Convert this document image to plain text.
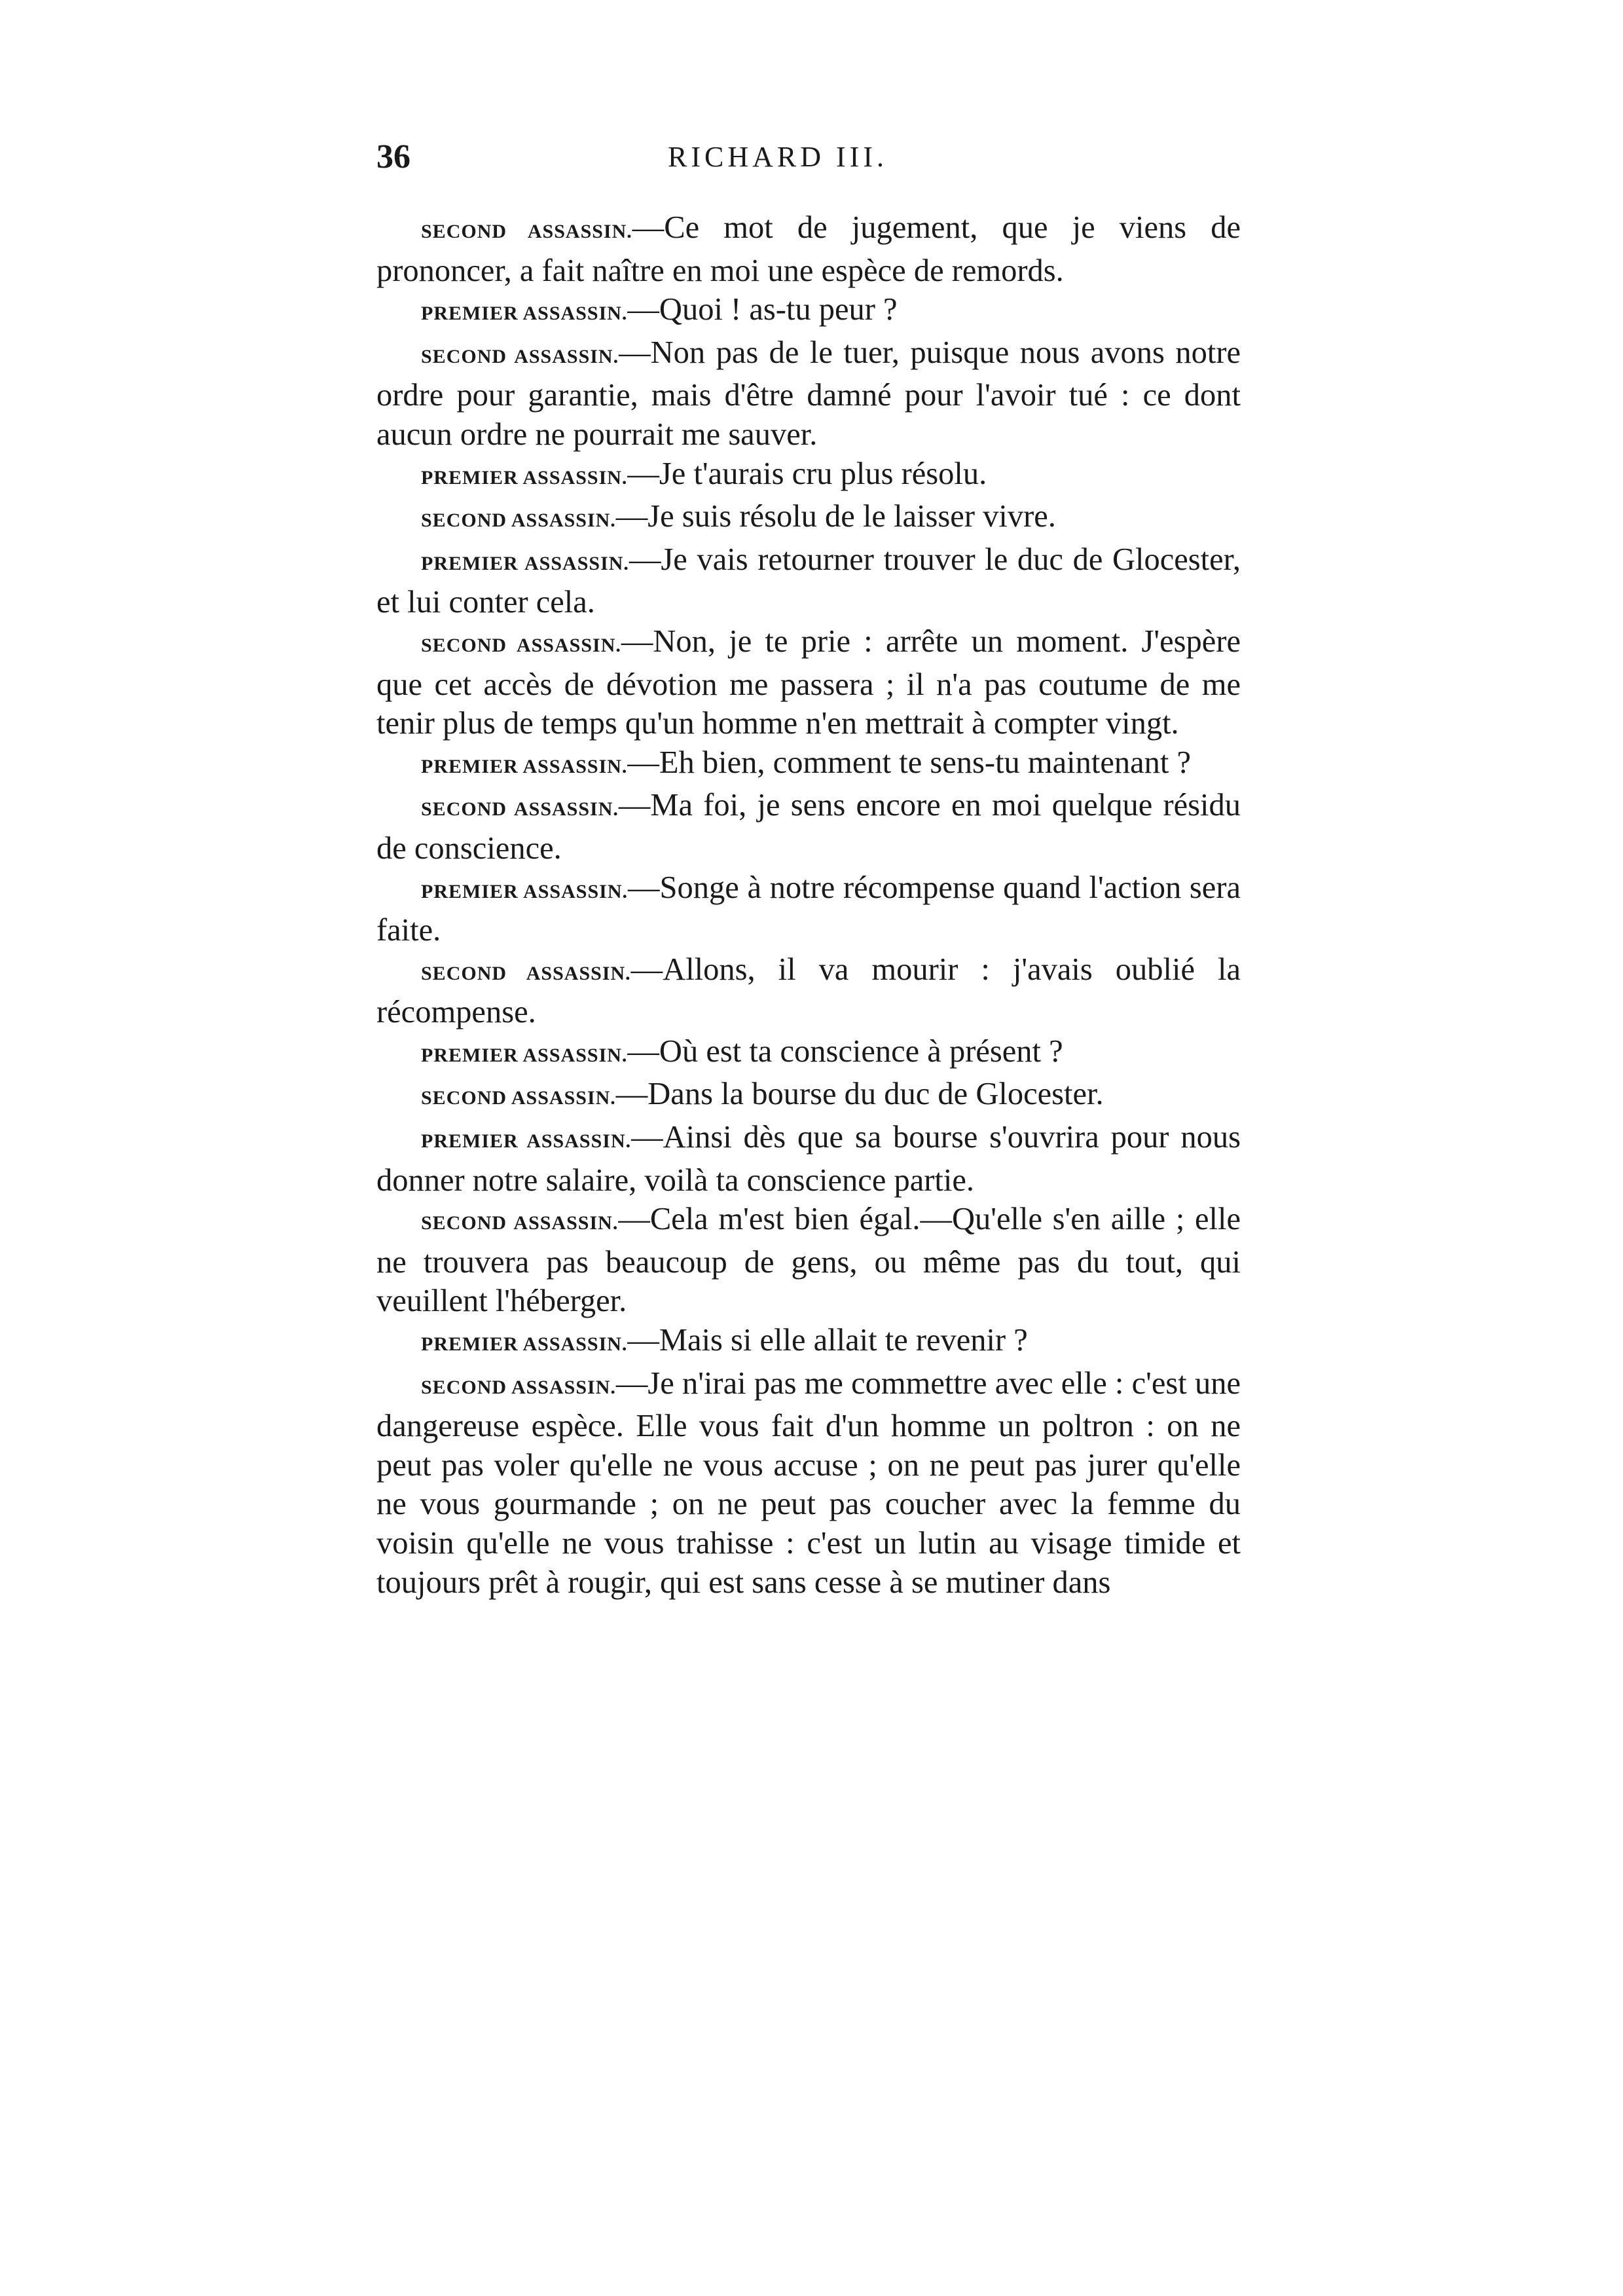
36	RICHARD III.

SECOND ASSASSIN.—Ce mot de jugement, que je viens de prononcer, a fait naître en moi une espèce de remords.

PREMIER ASSASSIN.—Quoi ! as-tu peur ?

SECOND ASSASSIN.—Non pas de le tuer, puisque nous avons notre ordre pour garantie, mais d'être damné pour l'avoir tué : ce dont aucun ordre ne pourrait me sauver.

PREMIER ASSASSIN.—Je t'aurais cru plus résolu.

SECOND ASSASSIN.—Je suis résolu de le laisser vivre.

PREMIER ASSASSIN.—Je vais retourner trouver le duc de Glocester, et lui conter cela.

SECOND ASSASSIN.—Non, je te prie : arrête un moment. J'espère que cet accès de dévotion me passera ; il n'a pas coutume de me tenir plus de temps qu'un homme n'en mettrait à compter vingt.

PREMIER ASSASSIN.—Eh bien, comment te sens-tu maintenant ?

SECOND ASSASSIN.—Ma foi, je sens encore en moi quelque résidu de conscience.

PREMIER ASSASSIN.—Songe à notre récompense quand l'action sera faite.

SECOND ASSASSIN.—Allons, il va mourir : j'avais oublié la récompense.

PREMIER ASSASSIN.—Où est ta conscience à présent ?

SECOND ASSASSIN.—Dans la bourse du duc de Glocester.

PREMIER ASSASSIN.—Ainsi dès que sa bourse s'ouvrira pour nous donner notre salaire, voilà ta conscience partie.

SECOND ASSASSIN.—Cela m'est bien égal.—Qu'elle s'en aille ; elle ne trouvera pas beaucoup de gens, ou même pas du tout, qui veuillent l'héberger.

PREMIER ASSASSIN.—Mais si elle allait te revenir ?

SECOND ASSASSIN.—Je n'irai pas me commettre avec elle : c'est une dangereuse espèce. Elle vous fait d'un homme un poltron : on ne peut pas voler qu'elle ne vous accuse ; on ne peut pas jurer qu'elle ne vous gourmande ; on ne peut pas coucher avec la femme du voisin qu'elle ne vous trahisse : c'est un lutin au visage timide et toujours prêt à rougir, qui est sans cesse à se mutiner dans
